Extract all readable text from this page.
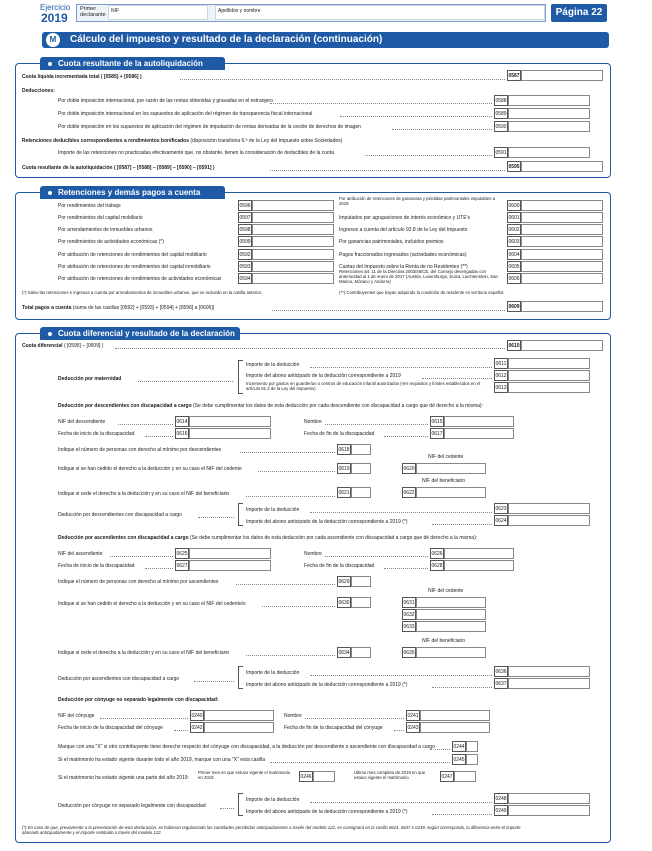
Ejercicio
2019
Primer declarante
NIF	Apellidos y nombre	Página 22
M	Cálculo del impuesto y resultado de la declaración (continuación)
Cuota resultante de la autoliquidación
Cuota líquida incrementada total ( [0585] + [0586] )	0587
Deducciones:
Por doble imposición internacional, por razón de las rentas obtenidas y gravadas en el extranjero	0588
Por doble imposición internacional en los supuestos de aplicación del régimen de transparencia fiscal internacional	0589
Por doble imposición en los supuestos de aplicación del régimen de imputación de rentas derivadas de la cesión de derechos de imagen	0590
Retenciones deducibles correspondientes a rendimientos bonificados (disposición transitoria 6.ª de la Ley del Impuesto sobre Sociedades)
Importe de las retenciones no practicadas efectivamente que, no obstante, tienen la consideración de deducibles de la cuota	0591
Cuota resultante de la autoliquidación ( [0587] – [0588] – [0589] – [0590] – [0591] )	0595
Retenciones y demás pagos a cuenta
Por rendimientos del trabajo	0596
Por rendimientos del capital mobiliario	0597
Por arrendamientos de inmuebles urbanos	0598
Por rendimientos de actividades económicas (*)	0599
Por atribución de retenciones de rendimientos del capital mobiliario	0592
Por atribución de retenciones de rendimientos del capital inmobiliario	0593
Por atribución de retenciones de rendimientos de actividades económicas	0594
Por atribución de retenciones de ganancias y pérdidas patrimoniales imputables a 2019	0600
Imputados por agrupaciones de interés económico y UTE's	0601
Ingresos a cuenta del artículo 92.8 de la Ley del Impuesto	0602
Por ganancias patrimoniales, incluidos premios	0603
Pagos fraccionados ingresados (actividades económicas)	0604
Cuotas del Impuesto sobre la Renta de no Residentes (**)	0605
Retenciones art. 11 de la Directiva 2003/48/CE, del Consejo devengadas con anterioridad al 1 de enero de 2017 (Austria, Luxemburgo, Suiza, Liechtenstein, San Marino, Mónaco y Andorra)	0606
(*) Salvo las retenciones e ingresos a cuenta por arrendamientos de inmuebles urbanos, que se incluirán en la casilla anterior.	(**) Contribuyentes que hayan adquirido la condición de residente en territorio español.
Total pagos a cuenta (suma de las casillas [0592] + [0593] + [0594] + [0596] a [0606])	0609
Cuota diferencial y resultado de la declaración
Cuota diferencial ( [0595] – [0609] )	0610
Deducción por maternidad
Importe de la deducción	0611
Importe del abono anticipado de la deducción correspondiente a 2019	0612
Incremento por gastos en guarderías o centros de educación infantil autorizados (Ver requisitos y límites establecidos en el artículo 81.2 de la Ley del Impuesto)	0613
Deducción por descendientes con discapacidad a cargo (Se debe cumplimentar los datos de esta deducción por cada descendiente con discapacidad a cargo que dé derecho a la misma):
NIF del descendiente	0614
Fecha de inicio de la discapacidad	0616
Nombre	0615
Fecha de fin de la discapacidad	0617
Indique el número de personas con derecho al mínimo por descendientes	0618
NIF del cedente
Indique si se han cedido el derecho a la deducción y en su caso el NIF del cedente	0619	0620
NIF del beneficiario
Indique si cede el derecho a la deducción y en su caso el NIF del beneficiario	0621	0622
Deducción por descendientes con discapacidad a cargo
Importe de la deducción	0623
Importe del abono anticipado de la deducción correspondiente a 2019 (*)	0624
Deducción por ascendientes con discapacidad a cargo (Se debe cumplimentar los datos de esta deducción por cada ascendiente con discapacidad a cargo que dé derecho a la misma):
NIF del ascendiente	0625
Fecha de inicio de la discapacidad	0627
Nombre	0626
Fecha de fin de la discapacidad	0628
Indique el número de personas con derecho al mínimo por ascendientes	0629
NIF del cedente
Indique si se han cedido el derecho a la deducción y en su caso el NIF del cedente/s	0630	0631
0632
0633
NIF del beneficiario
Indique si cede el derecho a la deducción y en su caso el NIF del beneficiario	0634	0635
Deducción por ascendientes con discapacidad a cargo
Importe de la deducción	0636
Importe del abono anticipado de la deducción correspondiente a 2019 (*)	0637
Deducción por cónyuge no separado legalmente con discapacidad:
NIF del cónyuge	0240
Fecha de inicio de la discapacidad del cónyuge	0242
Nombre	0241
Fecha de fin de la discapacidad del cónyuge	0243
Marque con una "X" si otro contribuyente tiene derecho respecto del cónyuge con discapacidad, a la deducción por descendiente o ascendiente con discapacidad a cargo	0244
Si el matrimonio ha estado vigente durante todo el año 2019, marque con una "X" esta casilla	0245
Si el matrimonio ha estado vigente una parte del año 2019:
Primer mes en que estuvo vigente el matrimonio en 2019	0246
Último mes completo de 2019 en que estuvo vigente el matrimonio	0247
Deducción por cónyuge no separado legalmente con discapacidad
Importe de la deducción	0248
Importe del abono anticipado de la deducción correspondiente a 2019 (*)	0249
(*) En caso de que, previamente a la presentación de esta declaración, se hubieran regularizado las cantidades percibidas anticipadamente a través del modelo 122, se consignará en la casilla 0624, 0637 o 0249, según corresponda, la diferencia entre el importe abonado anticipadamente y el importe restituido a través del modelo 122.
